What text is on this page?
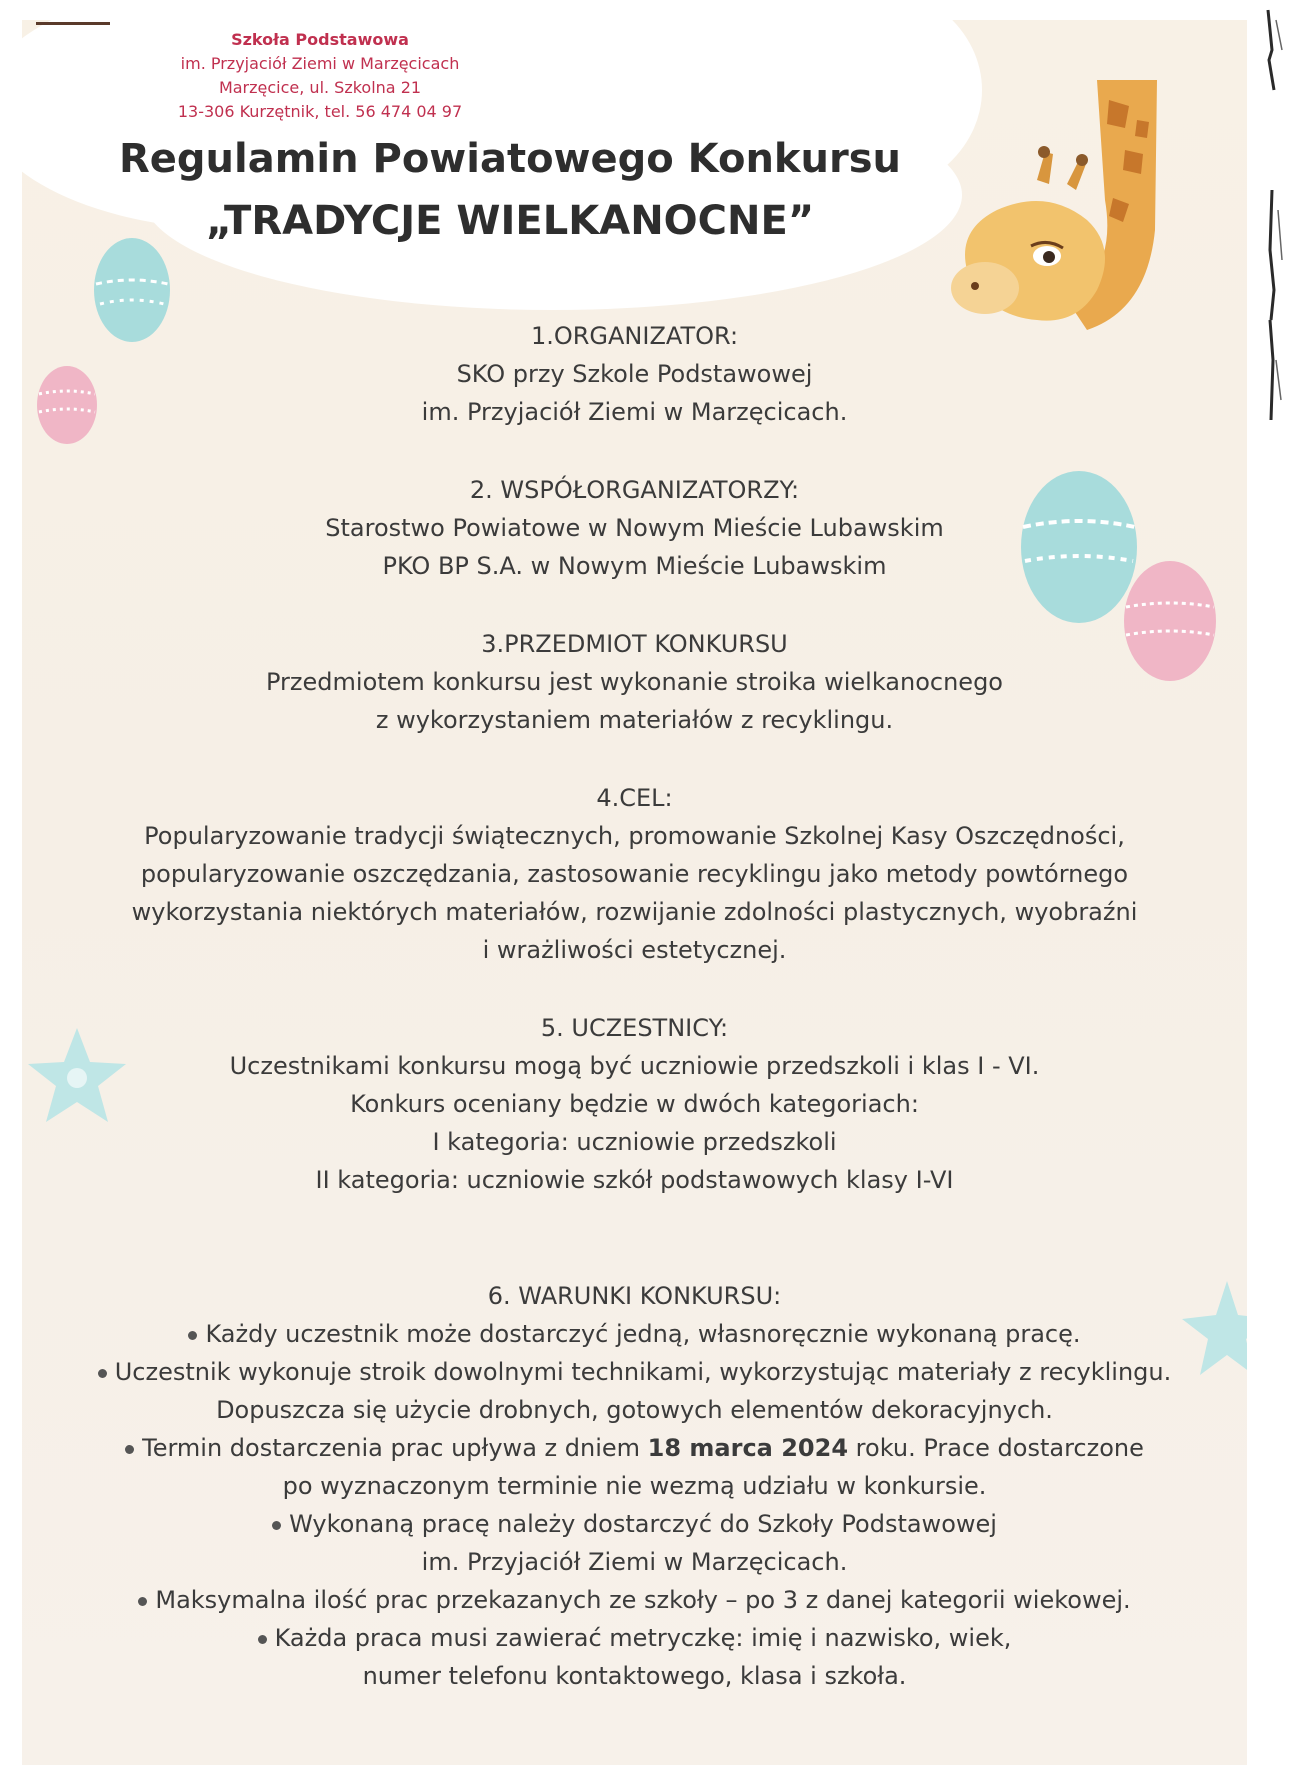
Szkoła Podstawowa
im. Przyjaciół Ziemi w Marzęcicach
Marzęcice, ul. Szkolna 21
13-306 Kurzętnik, tel. 56 474 04 97
Regulamin Powiatowego Konkursu
„TRADYCJE WIELKANOCNE”
1.ORGANIZATOR:
SKO przy Szkole Podstawowej
im. Przyjaciół Ziemi w Marzęcicach.
2. WSPÓŁORGANIZATORZY:
Starostwo Powiatowe w Nowym Mieście Lubawskim
PKO BP S.A. w Nowym Mieście Lubawskim
3.PRZEDMIOT KONKURSU
Przedmiotem konkursu jest wykonanie stroika wielkanocnego
z wykorzystaniem materiałów z recyklingu.
4.CEL:
Popularyzowanie tradycji świątecznych, promowanie Szkolnej Kasy Oszczędności,
popularyzowanie oszczędzania, zastosowanie recyklingu jako metody powtórnego
wykorzystania niektórych materiałów, rozwijanie zdolności plastycznych, wyobraźni
i wrażliwości estetycznej.
5. UCZESTNICY:
Uczestnikami konkursu mogą być uczniowie przedszkoli i klas I - VI.
Konkurs oceniany będzie w dwóch kategoriach:
I kategoria: uczniowie przedszkoli
II kategoria: uczniowie szkół podstawowych klasy I-VI
6. WARUNKI KONKURSU:
Każdy uczestnik może dostarczyć jedną, własnoręcznie wykonaną pracę.
Uczestnik wykonuje stroik dowolnymi technikami, wykorzystując materiały z recyklingu.
Dopuszcza się użycie drobnych, gotowych elementów dekoracyjnych.
Termin dostarczenia prac upływa z dniem 18 marca 2024 roku. Prace dostarczone
po wyznaczonym terminie nie wezmą udziału w konkursie.
Wykonaną pracę należy dostarczyć do Szkoły Podstawowej
im. Przyjaciół Ziemi w Marzęcicach.
Maksymalna ilość prac przekazanych ze szkoły – po 3 z danej kategorii wiekowej.
Każda praca musi zawierać metryczkę: imię i nazwisko, wiek,
numer telefonu kontaktowego, klasa i szkoła.
